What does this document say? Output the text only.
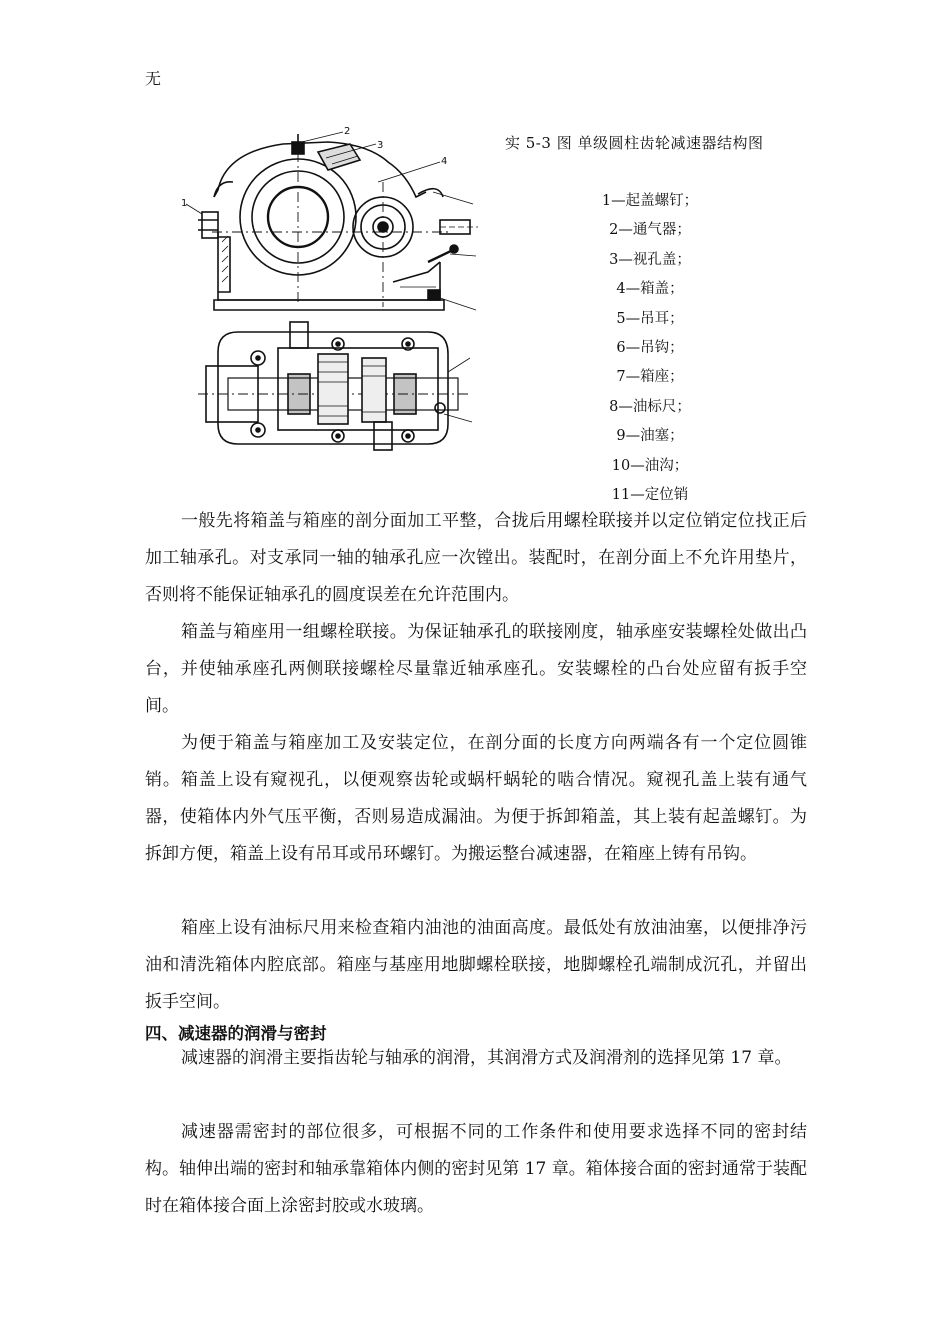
无
1
2
3
4
实 5-3 图 单级圆柱齿轮减速器结构图
1—起盖螺钉；
2—通气器；
3—视孔盖；
4—箱盖；
5—吊耳；
6—吊钩；
7—箱座；
8—油标尺；
9—油塞；
10—油沟；
11—定位销

一般先将箱盖与箱座的剖分面加工平整，合拢后用螺栓联接并以定位销定位找正后加工轴承孔。对支承同一轴的轴承孔应一次镗出。装配时，在剖分面上不允许用垫片，否则将不能保证轴承孔的圆度误差在允许范围内。

箱盖与箱座用一组螺栓联接。为保证轴承孔的联接刚度，轴承座安装螺栓处做出凸台，并使轴承座孔两侧联接螺栓尽量靠近轴承座孔。安装螺栓的凸台处应留有扳手空间。

为便于箱盖与箱座加工及安装定位，在剖分面的长度方向两端各有一个定位圆锥销。箱盖上设有窥视孔，以便观察齿轮或蜗杆蜗轮的啮合情况。窥视孔盖上装有通气器，使箱体内外气压平衡，否则易造成漏油。为便于拆卸箱盖，其上装有起盖螺钉。为拆卸方便，箱盖上设有吊耳或吊环螺钉。为搬运整台减速器，在箱座上铸有吊钩。

箱座上设有油标尺用来检查箱内油池的油面高度。最低处有放油油塞，以便排净污油和清洗箱体内腔底部。箱座与基座用地脚螺栓联接，地脚螺栓孔端制成沉孔，并留出扳手空间。

四、减速器的润滑与密封

减速器的润滑主要指齿轮与轴承的润滑，其润滑方式及润滑剂的选择见第 17 章。

减速器需密封的部位很多，可根据不同的工作条件和使用要求选择不同的密封结构。轴伸出端的密封和轴承靠箱体内侧的密封见第 17 章。箱体接合面的密封通常于装配时在箱体接合面上涂密封胶或水玻璃。
